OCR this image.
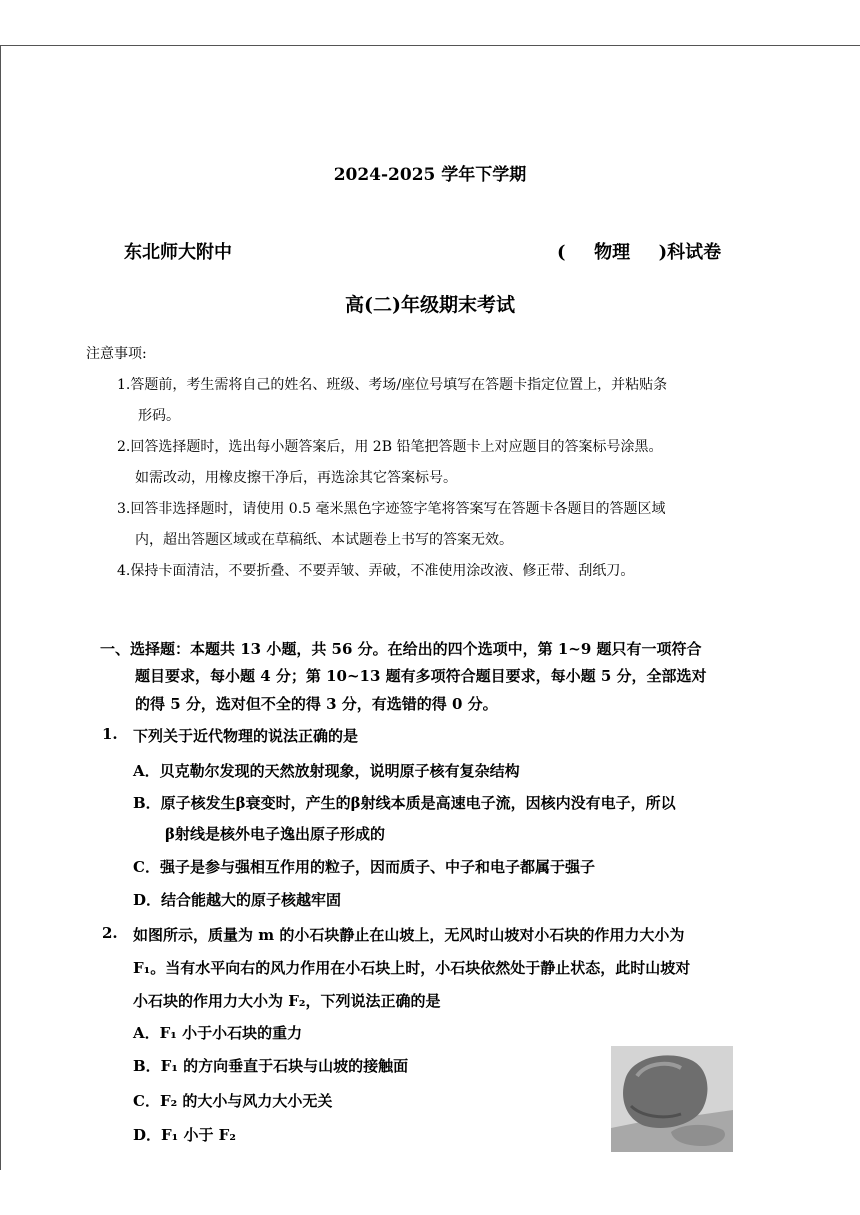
2024-2025 学年下学期
东北师大附中	( 物理 )科试卷
高(二)年级期末考试
注意事项:
1.答题前，考生需将自己的姓名、班级、考场/座位号填写在答题卡指定位置上，并粘贴条
形码。
2.回答选择题时，选出每小题答案后，用 2B 铅笔把答题卡上对应题目的答案标号涂黑。
如需改动，用橡皮擦干净后，再选涂其它答案标号。
3.回答非选择题时，请使用 0.5 毫米黑色字迹签字笔将答案写在答题卡各题目的答题区域
内，超出答题区域或在草稿纸、本试题卷上书写的答案无效。
4.保持卡面清洁，不要折叠、不要弄皱、弄破，不准使用涂改液、修正带、刮纸刀。
一、选择题：本题共 13 小题，共 56 分。在给出的四个选项中，第 1~9 题只有一项符合
题目要求，每小题 4 分；第 10~13 题有多项符合题目要求，每小题 5 分，全部选对
的得 5 分，选对但不全的得 3 分，有选错的得 0 分。
1. 下列关于近代物理的说法正确的是
A．贝克勒尔发现的天然放射现象，说明原子核有复杂结构
B．原子核发生β衰变时，产生的β射线本质是高速电子流，因核内没有电子，所以
β射线是核外电子逸出原子形成的
C．强子是参与强相互作用的粒子，因而质子、中子和电子都属于强子
D．结合能越大的原子核越牢固
2. 如图所示，质量为 m 的小石块静止在山坡上，无风时山坡对小石块的作用力大小为
F₁。当有水平向右的风力作用在小石块上时，小石块依然处于静止状态，此时山坡对
小石块的作用力大小为 F₂，下列说法正确的是
A．F₁ 小于小石块的重力
B．F₁ 的方向垂直于石块与山坡的接触面
C．F₂ 的大小与风力大小无关
D．F₁ 小于 F₂
